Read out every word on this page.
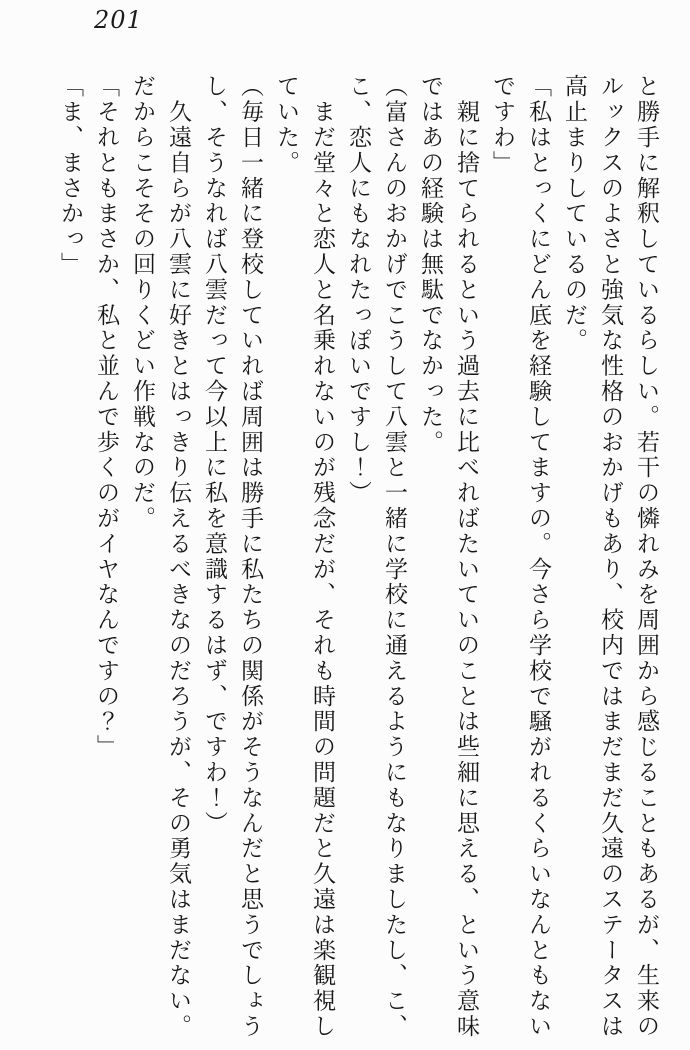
201
と勝手に解釈しているらしい。若干の憐れみを周囲から感じることもあるが、生来の
ルックスのよさと強気な性格のおかげもあり、校内ではまだまだ久遠のステータスは
高止まりしているのだ。
「私はとっくにどん底を経験してますの。今さら学校で騒がれるくらいなんともない
ですわ」
　親に捨てられるという過去に比べればたいていのことは些細に思える、という意味
ではあの経験は無駄でなかった。
（富さんのおかげでこうして八雲と一緒に学校に通えるようにもなりましたし、こ、
こ、恋人にもなれたっぽいですし！）
　まだ堂々と恋人と名乗れないのが残念だが、それも時間の問題だと久遠は楽観視し
ていた。
（毎日一緒に登校していれば周囲は勝手に私たちの関係がそうなんだと思うでしょう
し、そうなれば八雲だって今以上に私を意識するはず、ですわ！）
　久遠自らが八雲に好きとはっきり伝えるべきなのだろうが、その勇気はまだない。
だからこそその回りくどい作戦なのだ。
「それともまさか、私と並んで歩くのがイヤなんですの？」
「ま、まさかっ」
